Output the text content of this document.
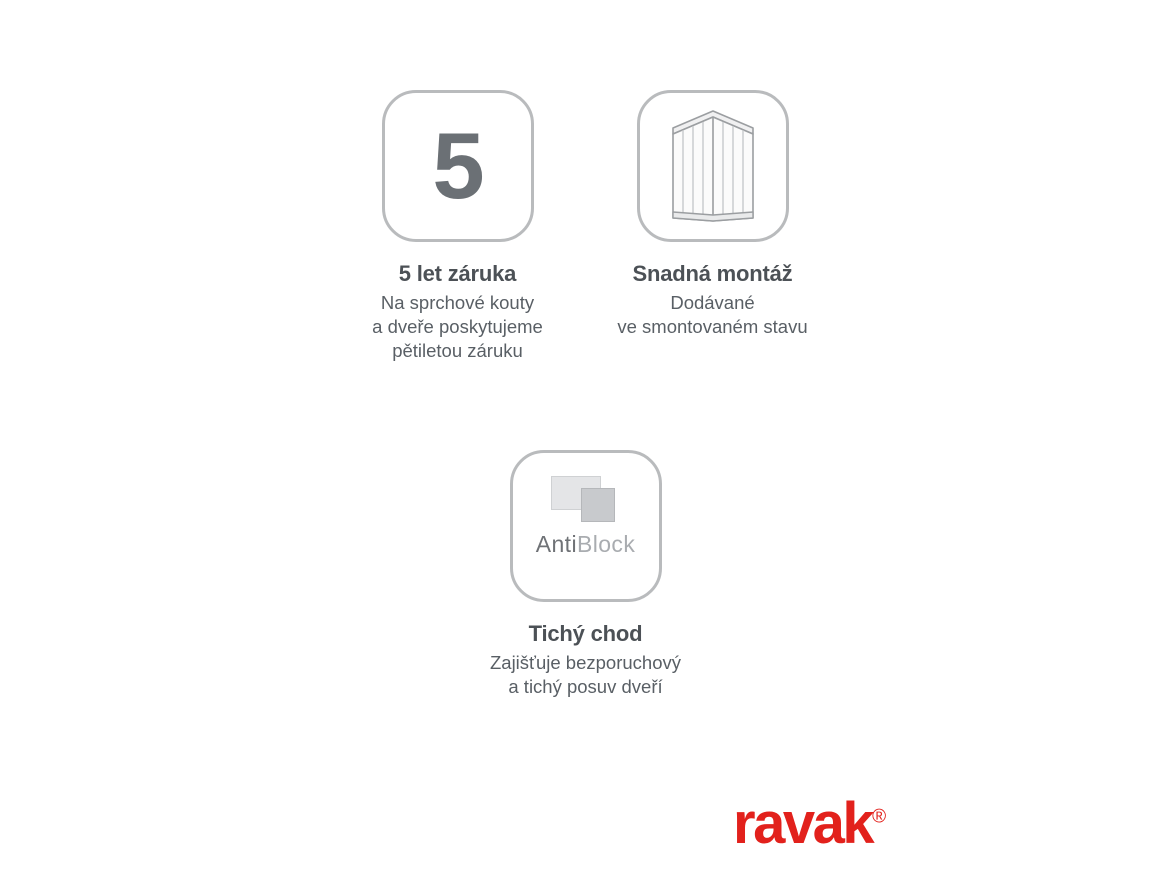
5
5 let záruka
Na sprchové kouty
a dveře poskytujeme
pětiletou záruku
Snadná montáž
Dodávané
ve smontovaném stavu
AntiBlock
Tichý chod
Zajišťuje bezporuchový
a tichý posuv dveří
ravak®
